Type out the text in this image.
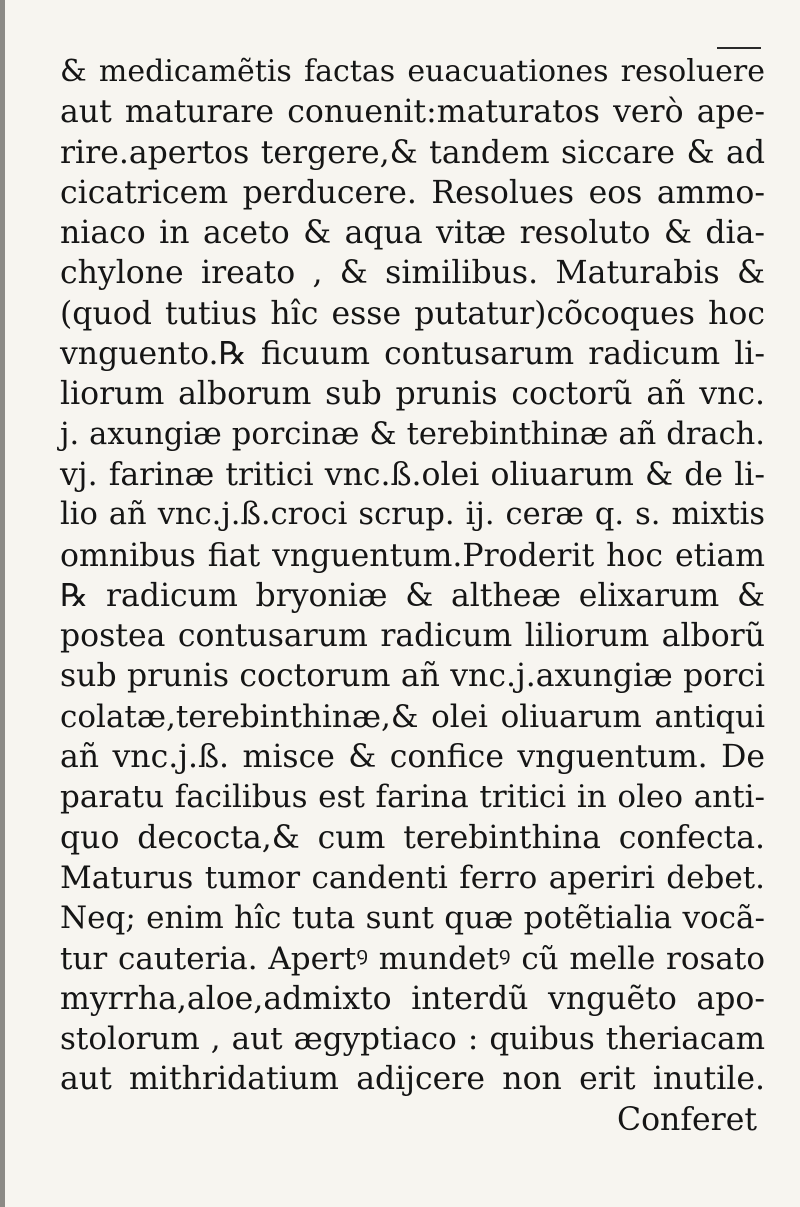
& medicamẽtis factas euacuationes resoluere
aut maturare conuenit:maturatos verò ape-
rire.apertos tergere,& tandem siccare & ad
cicatricem perducere. Resolues eos ammo-
niaco in aceto & aqua vitæ resoluto & dia-
chylone ireato , & similibus. Maturabis &
(quod tutius hîc esse putatur)cõcoques hoc
vnguento.℞ ficuum contusarum radicum li-
liorum alborum sub prunis coctorũ añ vnc.
j. axungiæ porcinæ & terebinthinæ añ drach.
vj. farinæ tritici vnc.ß.olei oliuarum & de li-
lio añ vnc.j.ß.croci scrup. ij. ceræ q. s. mixtis
omnibus fiat vnguentum.Proderit hoc etiam
℞ radicum bryoniæ & altheæ elixarum &
postea contusarum radicum liliorum alborũ
sub prunis coctorum añ vnc.j.axungiæ porci
colatæ,terebinthinæ,& olei oliuarum antiqui
añ vnc.j.ß. misce & confice vnguentum. De
paratu facilibus est farina tritici in oleo anti-
quo decocta,& cum terebinthina confecta.
Maturus tumor candenti ferro aperiri debet.
Neq; enim hîc tuta sunt quæ potẽtialia vocã-
tur cauteria. Apertꝰ mundetꝰ cũ melle rosato
myrrha,aloe,admixto interdũ vnguẽto apo-
stolorum , aut ægyptiaco : quibus theriacam
aut mithridatium adijcere non erit inutile.
Conferet
